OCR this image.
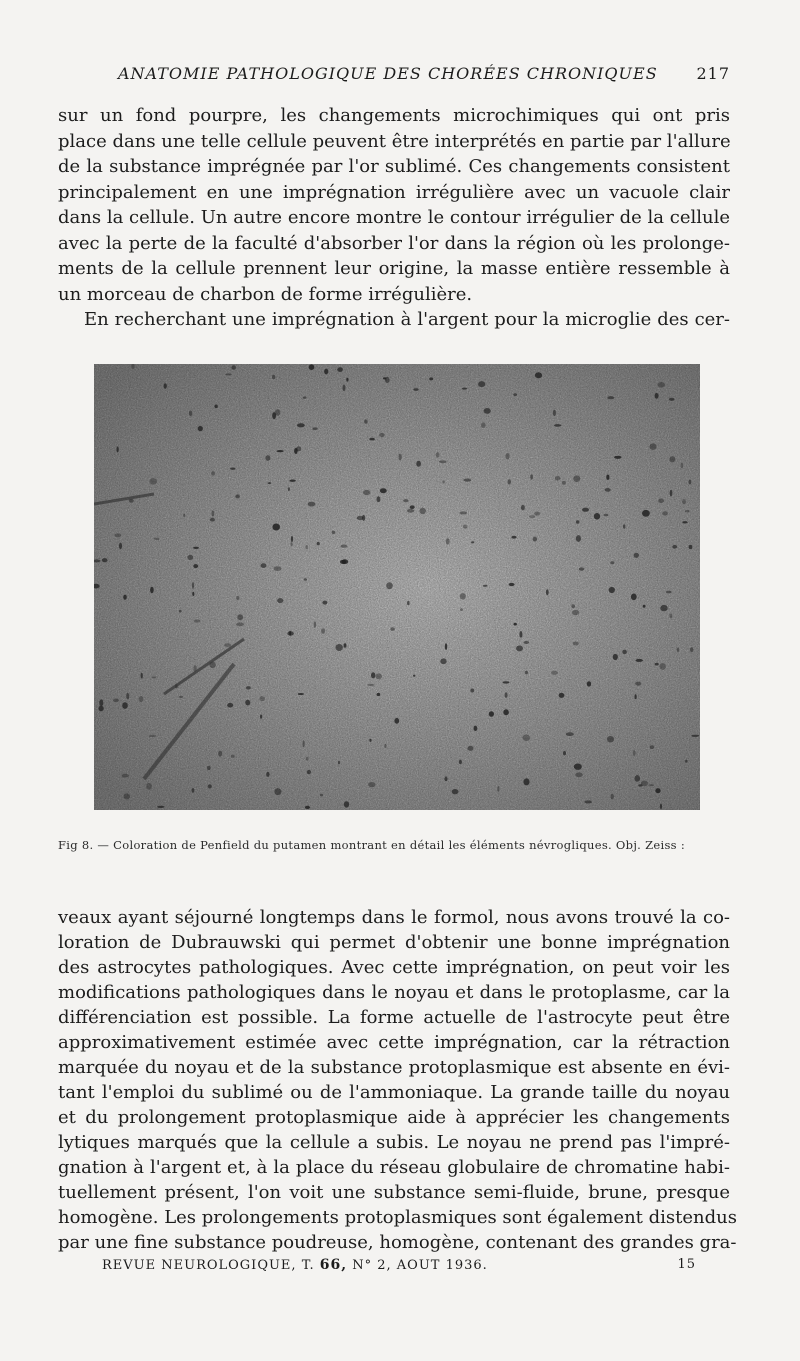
ANATOMIE PATHOLOGIQUE DES CHORÉES CHRONIQUES 217
sur un fond pourpre, les changements microchimiques qui ont pris
place dans une telle cellule peuvent être interprétés en partie par l'allure
de la substance imprégnée par l'or sublimé. Ces changements consistent
principalement en une imprégnation irrégulière avec un vacuole clair
dans la cellule. Un autre encore montre le contour irrégulier de la cellule
avec la perte de la faculté d'absorber l'or dans la région où les prolonge-
ments de la cellule prennent leur origine, la masse entière ressemble à
un morceau de charbon de forme irrégulière.
En recherchant une imprégnation à l'argent pour la microglie des cer-
Fig 8. — Coloration de Penfield du putamen montrant en détail les éléments névrogliques. Obj. Zeiss :
veaux ayant séjourné longtemps dans le formol, nous avons trouvé la co-
loration de Dubrauwski qui permet d'obtenir une bonne imprégnation
des astrocytes pathologiques. Avec cette imprégnation, on peut voir les
modifications pathologiques dans le noyau et dans le protoplasme, car la
différenciation est possible. La forme actuelle de l'astrocyte peut être
approximativement estimée avec cette imprégnation, car la rétraction
marquée du noyau et de la substance protoplasmique est absente en évi-
tant l'emploi du sublimé ou de l'ammoniaque. La grande taille du noyau
et du prolongement protoplasmique aide à apprécier les changements
lytiques marqués que la cellule a subis. Le noyau ne prend pas l'impré-
gnation à l'argent et, à la place du réseau globulaire de chromatine habi-
tuellement présent, l'on voit une substance semi-fluide, brune, presque
homogène. Les prolongements protoplasmiques sont également distendus
par une fine substance poudreuse, homogène, contenant des grandes gra-
REVUE NEUROLOGIQUE, T. 66, N° 2, AOUT 1936.	15
